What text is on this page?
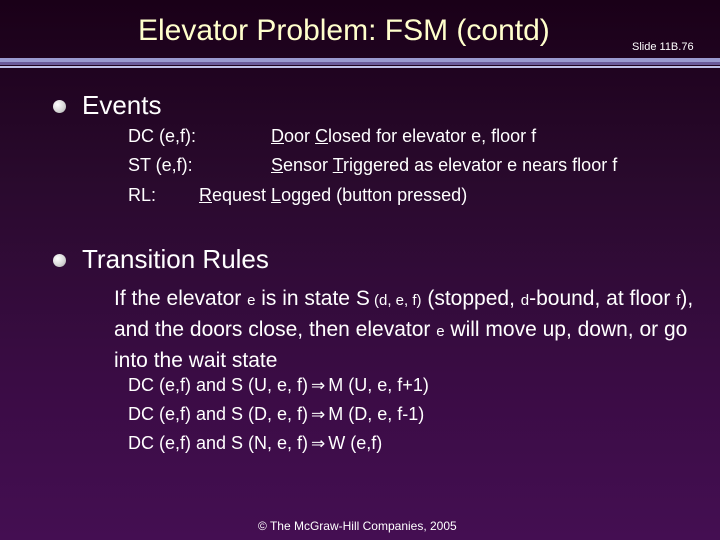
Elevator Problem: FSM (contd)	Slide 11B.76
Events
DC (e,f):	Door Closed for elevator e, floor f
ST (e,f):	Sensor Triggered as elevator e nears floor f
RL: Request Logged (button pressed)
Transition Rules
If the elevator e is in state S (d, e, f) (stopped, d-bound, at floor f), and the doors close, then elevator e will move up, down, or go into the wait state
DC (e,f) and S (U, e, f) ⇒ M (U, e, f+1)
DC (e,f) and S (D, e, f) ⇒ M (D, e, f-1)
DC (e,f) and S (N, e, f) ⇒ W (e,f)
© The McGraw-Hill Companies, 2005
